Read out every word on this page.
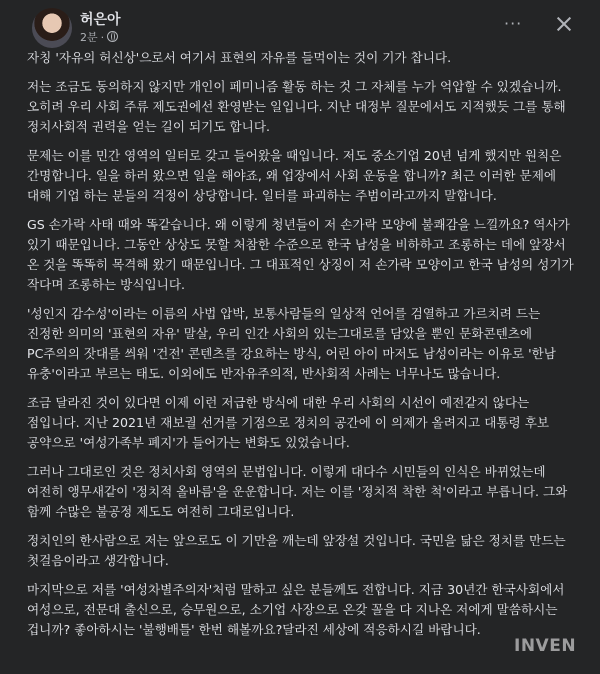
허은아
2분 ·
···

자칭 '자유의 허신상'으로서 여기서 표현의 자유를 들먹이는 것이 기가 찹니다.

저는 조금도 동의하지 않지만 개인이 페미니즘 활동 하는 것 그 자체를 누가 억압할 수 있겠습니까. 오히려 우리 사회 주류 제도권에선 환영받는 일입니다. 지난 대정부 질문에서도 지적했듯 그를 통해 정치사회적 권력을 얻는 길이 되기도 합니다.

문제는 이를 민간 영역의 일터로 갖고 들어왔을 때입니다. 저도 중소기업 20년 넘게 했지만 원칙은 간명합니다. 일을 하러 왔으면 일을 해야죠, 왜 업장에서 사회 운동을 합니까? 최근 이러한 문제에 대해 기업 하는 분들의 걱정이 상당합니다. 일터를 파괴하는 주범이라고까지 말합니다.

GS 손가락 사태 때와 똑같습니다. 왜 이렇게 청년들이 저 손가락 모양에 불쾌감을 느낄까요? 역사가 있기 때문입니다. 그동안 상상도 못할 처참한 수준으로 한국 남성을 비하하고 조롱하는 데에 앞장서 온 것을 똑똑히 목격해 왔기 때문입니다. 그 대표적인 상징이 저 손가락 모양이고 한국 남성의 성기가 작다며 조롱하는 방식입니다.

'성인지 감수성'이라는 이름의 사법 압박, 보통사람들의 일상적 언어를 검열하고 가르치려 드는 진정한 의미의 '표현의 자유' 말살, 우리 인간 사회의 있는그대로를 담았을 뿐인 문화콘텐츠에 PC주의의 잣대를 씌워 '건전' 콘텐츠를 강요하는 방식, 어린 아이 마저도 남성이라는 이유로 '한남 유충'이라고 부르는 태도. 이외에도 반자유주의적, 반사회적 사례는 너무나도 많습니다.

조금 달라진 것이 있다면 이제 이런 저급한 방식에 대한 우리 사회의 시선이 예전같지 않다는 점입니다. 지난 2021년 재보궐 선거를 기점으로 정치의 공간에 이 의제가 올려지고 대통령 후보 공약으로 '여성가족부 폐지'가 들어가는 변화도 있었습니다.

그러나 그대로인 것은 정치사회 영역의 문법입니다. 이렇게 대다수 시민들의 인식은 바뀌었는데 여전히 앵무새같이 '정치적 올바름'을 운운합니다. 저는 이를 '정치적 착한 척'이라고 부릅니다. 그와 함께 수많은 불공정 제도도 여전히 그대로입니다.

정치인의 한사람으로 저는 앞으로도 이 기만을 깨는데 앞장설 것입니다. 국민을 닮은 정치를 만드는 첫걸음이라고 생각합니다.

마지막으로 저를 '여성차별주의자'처럼 말하고 싶은 분들께도 전합니다. 지금 30년간 한국사회에서 여성으로, 전문대 출신으로, 승무원으로, 소기업 사장으로 온갖 꼴을 다 지나온 저에게 말씀하시는 겁니까? 좋아하시는 '불행배틀' 한번 해볼까요?달라진 세상에 적응하시길 바랍니다.

INVEN
